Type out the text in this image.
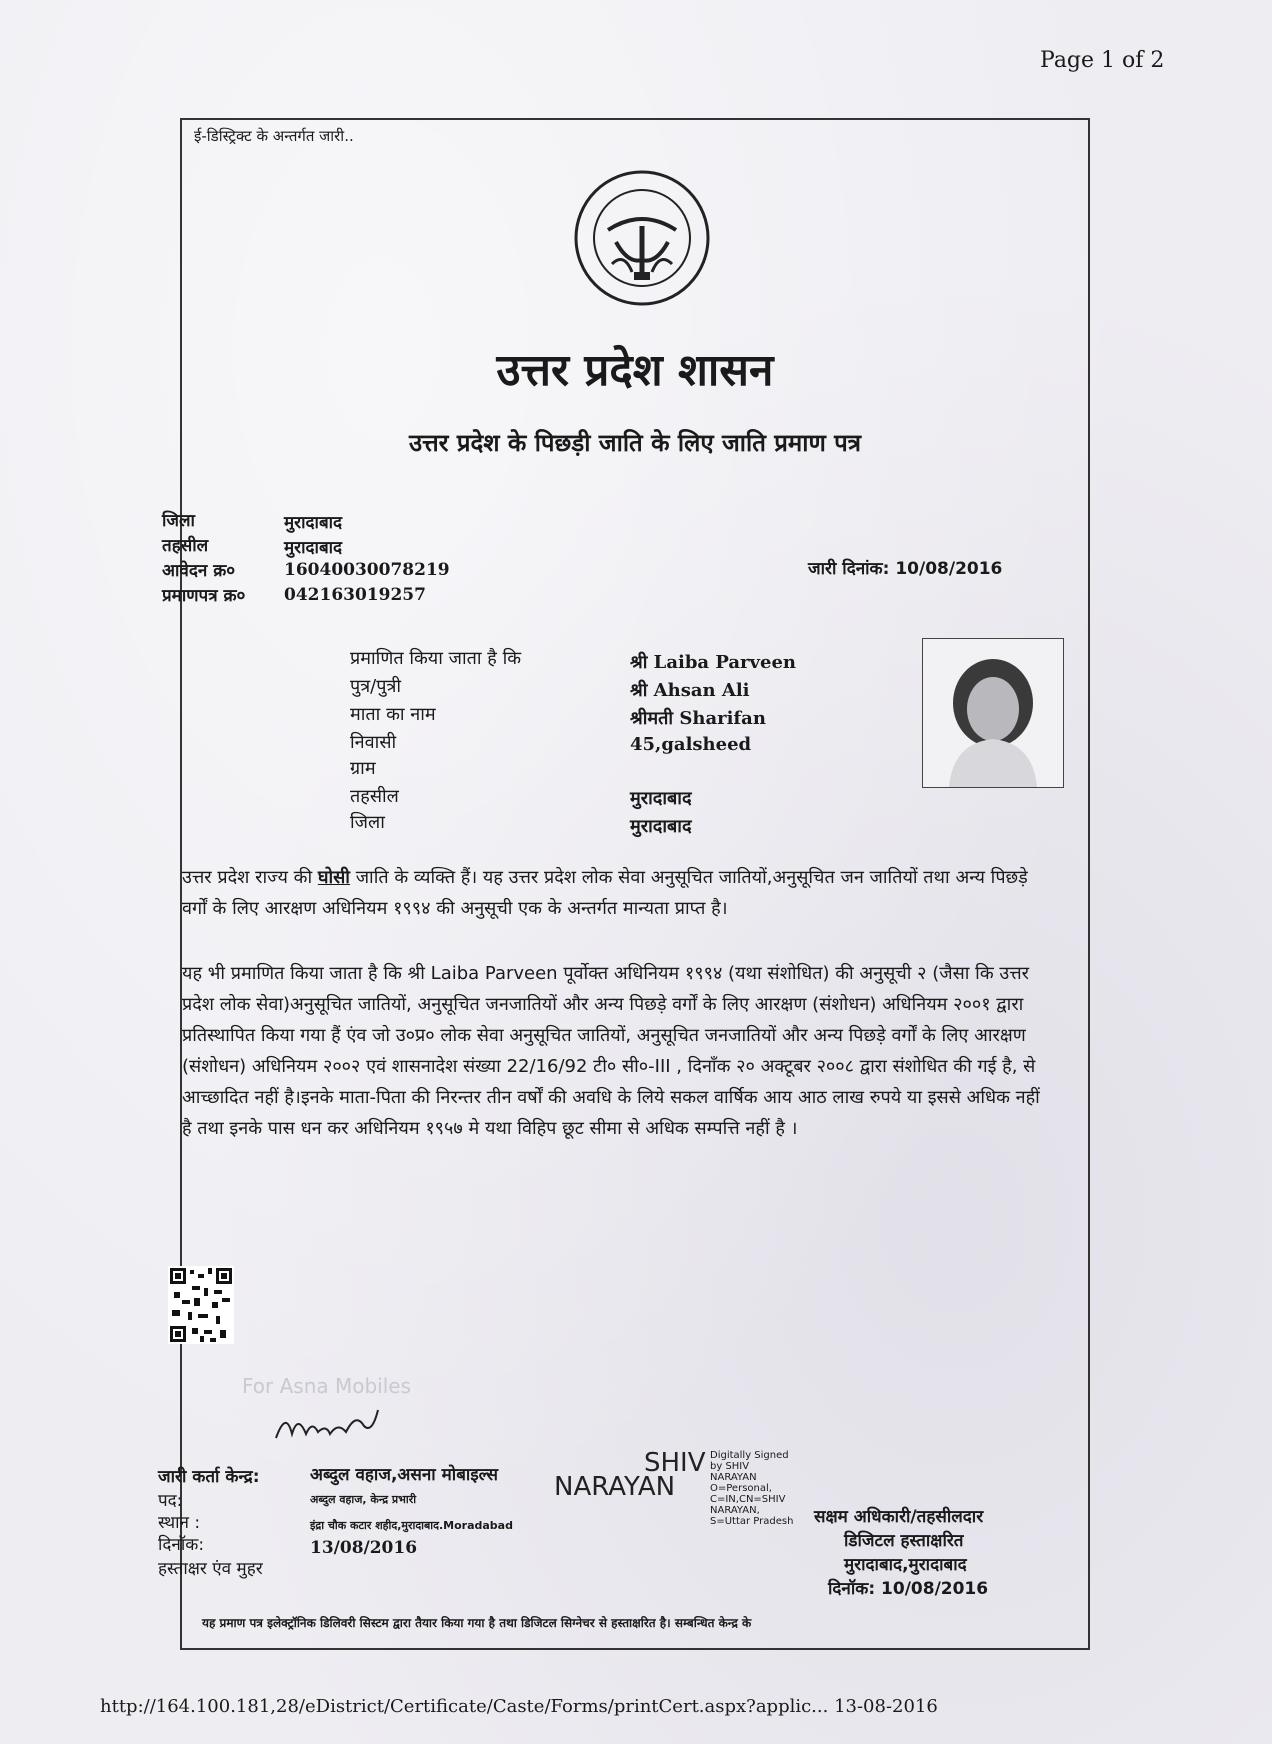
Page 1 of 2
ई-डिस्ट्रिक्ट के अन्तर्गत जारी..
उत्तर प्रदेश शासन
उत्तर प्रदेश के पिछड़ी जाति के लिए जाति प्रमाण पत्र
जिला	मुरादाबाद
तहसील	मुरादाबाद
आवेदन क्र०	16040030078219
प्रमाणपत्र क्र० 042163019257
जारी दिनांक: 10/08/2016
प्रमाणित किया जाता है कि	श्री Laiba Parveen
पुत्र/पुत्री	श्री Ahsan Ali
माता का नाम	श्रीमती Sharifan
निवासी	45,galsheed
ग्राम
तहसील	मुरादाबाद
जिला	मुरादाबाद
उत्तर प्रदेश राज्य की घोसी जाति के व्यक्ति हैं। यह उत्तर प्रदेश लोक सेवा अनुसूचित जातियों,अनुसूचित जन जातियों तथा अन्य पिछड़े वर्गों के लिए आरक्षण अधिनियम १९९४ की अनुसूची एक के अन्तर्गत मान्यता प्राप्त है।
यह भी प्रमाणित किया जाता है कि श्री Laiba Parveen पूर्वोक्त अधिनियम १९९४ (यथा संशोधित) की अनुसूची २ (जैसा कि उत्तर प्रदेश लोक सेवा)अनुसूचित जातियों, अनुसूचित जनजातियों और अन्य पिछड़े वर्गों के लिए आरक्षण (संशोधन) अधिनियम २००१ द्वारा प्रतिस्थापित किया गया हैं एंव जो उ०प्र० लोक सेवा अनुसूचित जातियों, अनुसूचित जनजातियों और अन्य पिछड़े वर्गों के लिए आरक्षण (संशोधन) अधिनियम २००२ एवं शासनादेश संख्या 22/16/92 टी० सी०-III , दिनाँक २० अक्टूबर २००८ द्वारा संशोधित की गई है, से आच्छादित नहीं है।इनके माता-पिता की निरन्तर तीन वर्षों की अवधि के लिये सकल वार्षिक आय आठ लाख रुपये या इससे अधिक नहीं है तथा इनके पास धन कर अधिनियम १९५७ मे यथा विहिप छूट सीमा से अधिक सम्पत्ति नहीं है ।
For Asna Mobiles
जारी कर्ता केन्द्र:	अब्दुल वहाज,असना मोबाइल्स
पद:	अब्दुल वहाज, केन्द्र प्रभारी
स्थान :	इंद्रा चौक कटार शहीद,मुरादाबाद.Moradabad
दिनॉक:	13/08/2016
हस्ताक्षर एंव मुहर
SHIV
NARAYAN
Digitally Signed
by SHIV
NARAYAN
O=Personal,
C=IN,CN=SHIV
NARAYAN,
S=Uttar Pradesh सक्षम अधिकारी/तहसीलदार
डिजिटल हस्ताक्षरित
मुरादाबाद,मुरादाबाद
दिनॉक: 10/08/2016
यह प्रमाण पत्र इलेक्ट्रॉनिक डिलिवरी सिस्टम द्वारा तैयार किया गया है तथा डिजिटल सिग्नेचर से हस्ताक्षरित है। सम्बन्धित केन्द्र के
http://164.100.181,28/eDistrict/Certificate/Caste/Forms/printCert.aspx?applic... 13-08-2016
